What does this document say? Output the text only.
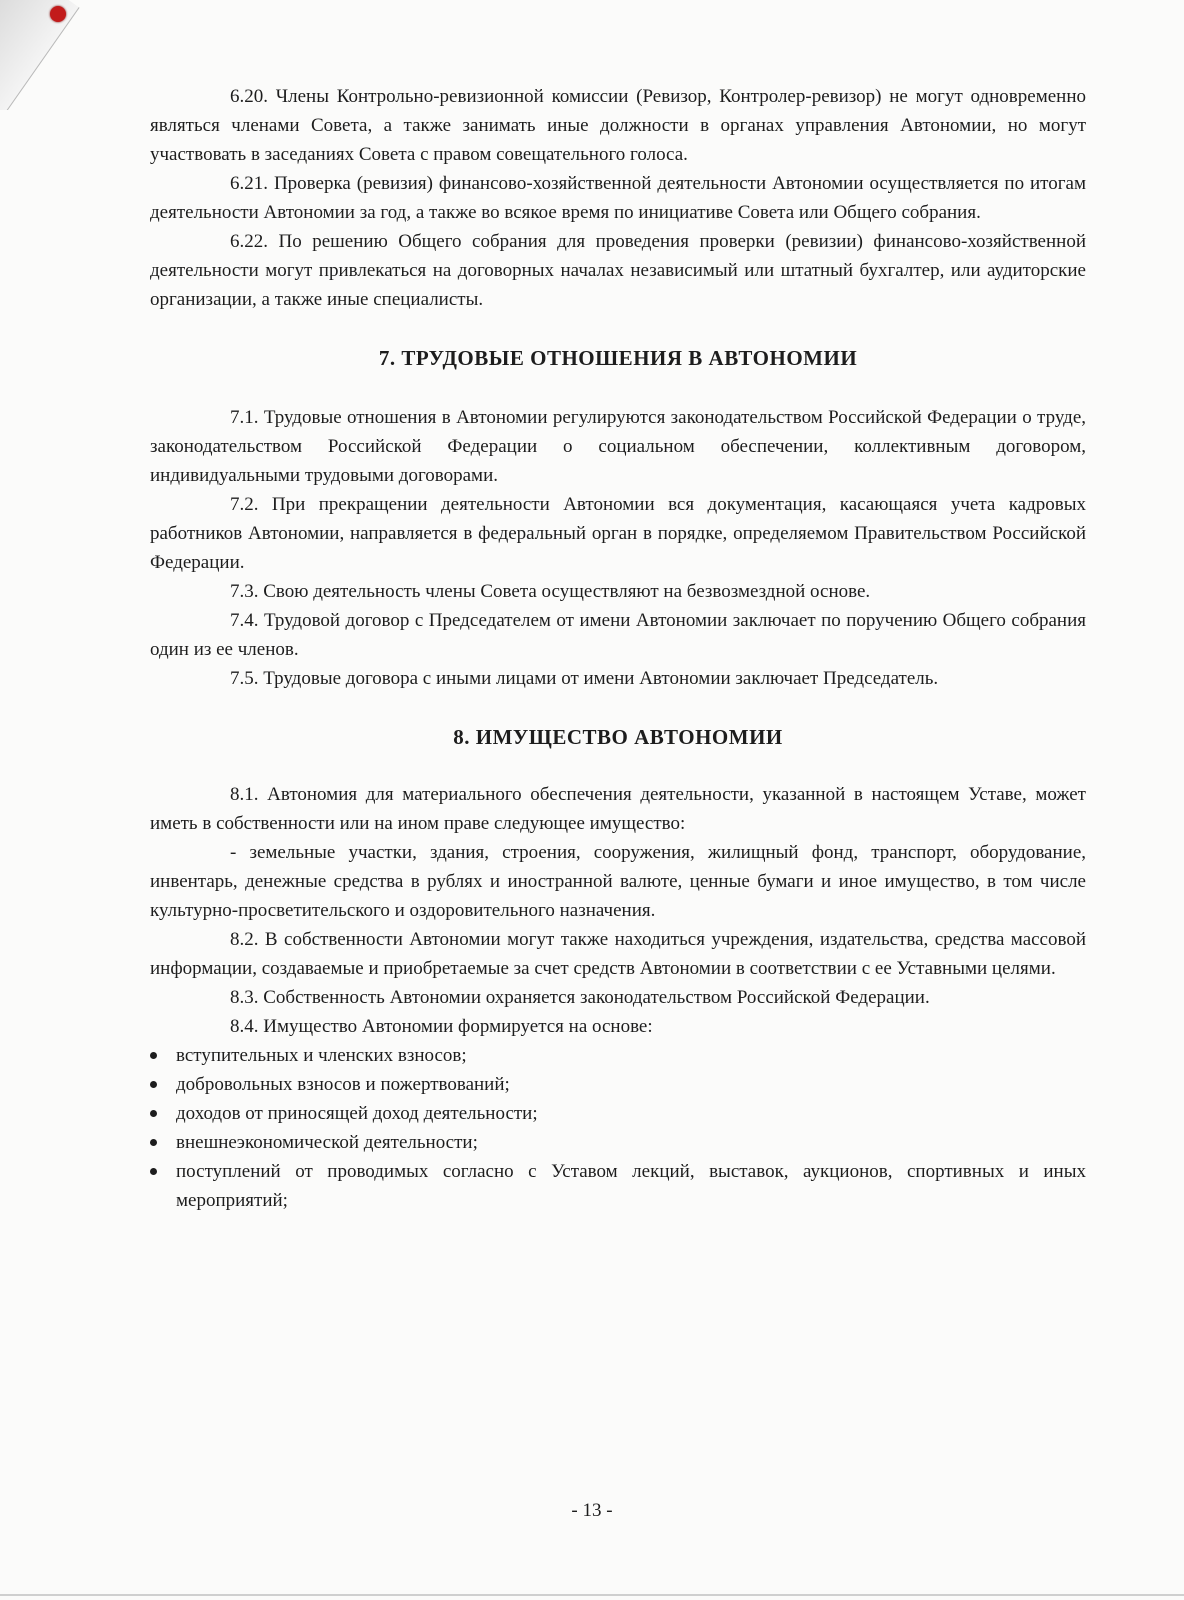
6.20. Члены Контрольно-ревизионной комиссии (Ревизор, Контролер-ревизор) не могут одновременно являться членами Совета, а также занимать иные должности в органах управления Автономии, но могут участвовать в заседаниях Совета с правом совещательного голоса.

6.21. Проверка (ревизия) финансово-хозяйственной деятельности Автономии осуществляется по итогам деятельности Автономии за год, а также во всякое время по инициативе Совета или Общего собрания.

6.22. По решению Общего собрания для проведения проверки (ревизии) финансово-хозяйственной деятельности могут привлекаться на договорных началах независимый или штатный бухгалтер, или аудиторские организации, а также иные специалисты.

7. ТРУДОВЫЕ ОТНОШЕНИЯ В АВТОНОМИИ

7.1. Трудовые отношения в Автономии регулируются законодательством Российской Федерации о труде, законодательством Российской Федерации о социальном обеспечении, коллективным договором, индивидуальными трудовыми договорами.

7.2. При прекращении деятельности Автономии вся документация, касающаяся учета кадровых работников Автономии, направляется в федеральный орган в порядке, определяемом Правительством Российской Федерации.

7.3. Свою деятельность члены Совета осуществляют на безвозмездной основе.

7.4. Трудовой договор с Председателем от имени Автономии заключает по поручению Общего собрания один из ее членов.

7.5. Трудовые договора с иными лицами от имени Автономии заключает Председатель.

8. ИМУЩЕСТВО АВТОНОМИИ

8.1. Автономия для материального обеспечения деятельности, указанной в настоящем Уставе, может иметь в собственности или на ином праве следующее имущество:

- земельные участки, здания, строения, сооружения, жилищный фонд, транспорт, оборудование, инвентарь, денежные средства в рублях и иностранной валюте, ценные бумаги и иное имущество, в том числе культурно-просветительского и оздоровительного назначения.

8.2. В собственности Автономии могут также находиться учреждения, издательства, средства массовой информации, создаваемые и приобретаемые за счет средств Автономии в соответствии с ее Уставными целями.

8.3. Собственность Автономии охраняется законодательством Российской Федерации.

8.4. Имущество Автономии формируется на основе:

вступительных и членских взносов;
добровольных взносов и пожертвований;
доходов от приносящей доход деятельности;
внешнеэкономической деятельности;
поступлений от проводимых согласно с Уставом лекций, выставок, аукционов, спортивных и иных мероприятий;
- 13 -
